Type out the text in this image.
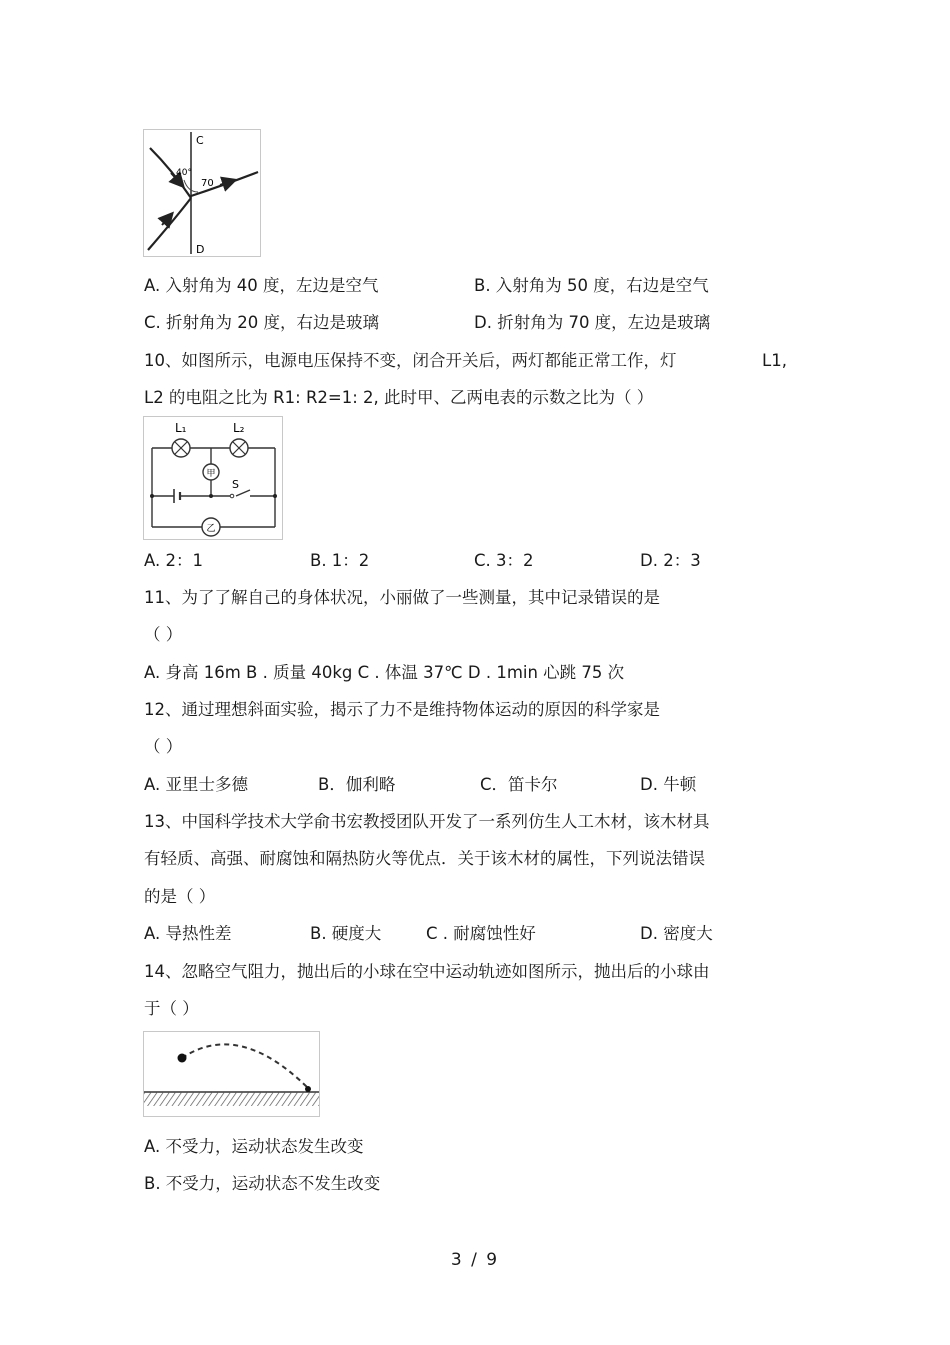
C
D
40°
70
A. 入射角为 40 度，左边是空气	B. 入射角为 50 度，右边是空气
C. 折射角为 20 度，右边是玻璃	D. 折射角为 70 度，左边是玻璃
10、如图所示，电源电压保持不变，闭合开关后，两灯都能正常工作，灯	L1,
L2 的电阻之比为 R1: R2=1: 2, 此时甲、乙两电表的示数之比为（ ）
甲
乙
L₁	L₂
S
A. 2：1	B. 1：2	C. 3：2	D. 2：3
11、为了了解自己的身体状况，小丽做了一些测量，其中记录错误的是
（ ）
A. 身高 16m B . 质量 40kg C . 体温 37℃ D . 1min 心跳 75 次
12、通过理想斜面实验，揭示了力不是维持物体运动的原因的科学家是
（ ）
A. 亚里士多德	B．伽利略	C．笛卡尔	D. 牛顿
13、中国科学技术大学俞书宏教授团队开发了一系列仿生人工木材，该木材具
有轻质、高强、耐腐蚀和隔热防火等优点．关于该木材的属性，下列说法错误
的是（ ）
A. 导热性差	B. 硬度大	C . 耐腐蚀性好	D. 密度大
14、忽略空气阻力，抛出后的小球在空中运动轨迹如图所示，抛出后的小球由
于（ ）
A. 不受力，运动状态发生改变
B. 不受力，运动状态不发生改变
3 / 9
